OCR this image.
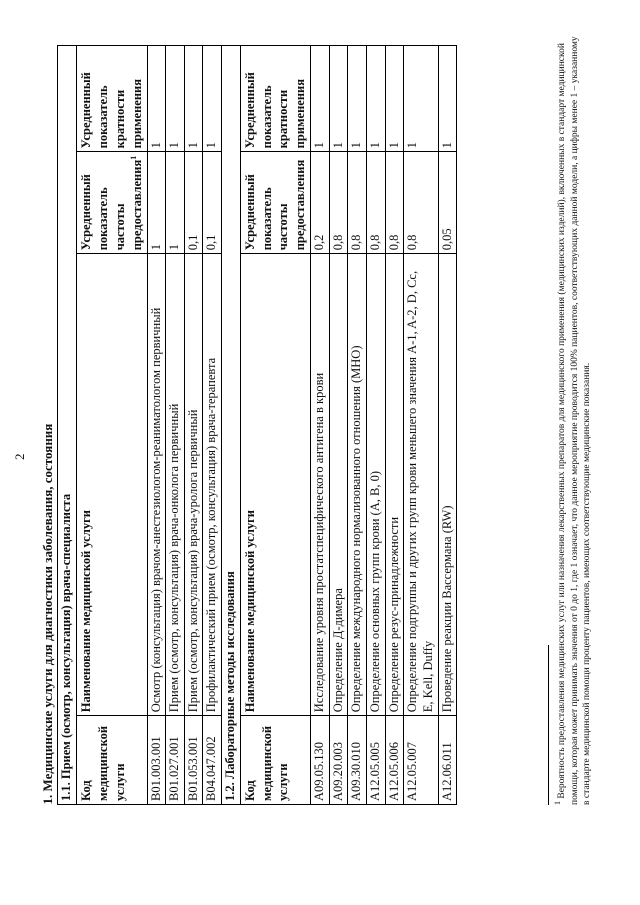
2 1. Медицинские услуги для диагностики заболевания, состояния			
1.1. Прием (осмотр, консультация) врача-специалиста			
Код медицинской услуги	Наименование медицинской услуги	Усредненный показатель частоты предоставления$^1$	Усредненный показатель кратности применения
B01.003.001	Осмотр (консультация) врачом-анестезиологом-реаниматологом первичный	1	1
B01.027.001	Прием (осмотр, консультация) врача-онколога первичный	1	1
B01.053.001	Прием (осмотр, консультация) врача-уролога первичный	0,1	1
B04.047.002	Профилактический прием (осмотр, консультация) врача-терапевта	0,1	1
1.2. Лабораторные методы исследования			
Код медицинской услуги	Наименование медицинской услуги	Усредненный показатель частоты предоставления	Усредненный показатель кратности применения
A09.05.130	Исследование уровня простатспецифического антигена в крови	0,2	1
A09.20.003	Определение Д-димера	0,8	1
A09.30.010	Определение международного нормализованного отношения (МНО)	0,8	1
A12.05.005	Определение основных групп крови (A, B, 0)	0,8	1
A12.05.006	Определение резус-принадлежности	0,8	1
A12.05.007	Определение подгруппы и других групп крови меньшего значения A-1, A-2, D, Cc, E, Kell, Duffy	0,8	1
A12.06.011	Проведение реакции Вассермана (RW)	0,05	1
$^1$ Вероятность предоставления медицинских услуг или назначения лекарственных препаратов для медицинского применения (медицинских изделий), включенных в стандарт медицинской помощи, которая может принимать значения от 0 до 1, где 1 означает, что данное мероприятие проводится 100% пациентов, соответствующих данной модели, а цифры менее 1 – указанному в стандарте медицинской помощи проценту пациентов, имеющих соответствующие медицинские показания.
